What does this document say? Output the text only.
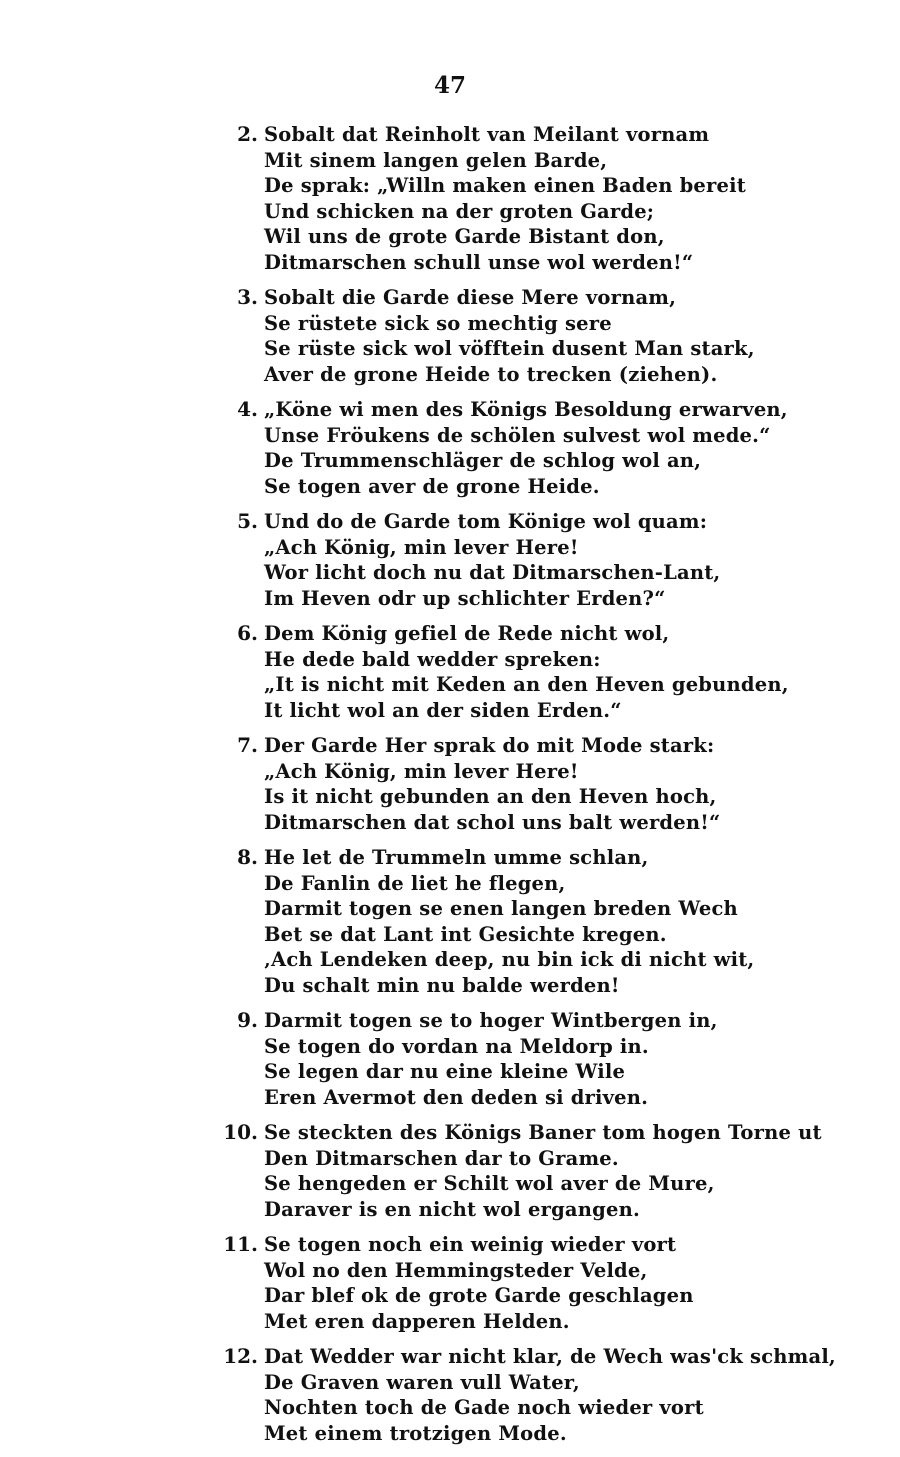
47
2. Sobalt dat Reinholt van Meilant vornam
Mit sinem langen gelen Barde,
De sprak: „Willn maken einen Baden bereit
Und schicken na der groten Garde;
Wil uns de grote Garde Bistant don,
Ditmarschen schull unse wol werden!“
3. Sobalt die Garde diese Mere vornam,
Se rüstete sick so mechtig sere
Se rüste sick wol vöfftein dusent Man stark,
Aver de grone Heide to trecken (ziehen).
4. „Köne wi men des Königs Besoldung erwarven,
Unse Fröukens de schölen sulvest wol mede.“
De Trummenschläger de schlog wol an,
Se togen aver de grone Heide.
5. Und do de Garde tom Könige wol quam:
„Ach König, min lever Here!
Wor licht doch nu dat Ditmarschen-Lant,
Im Heven odr up schlichter Erden?“
6. Dem König gefiel de Rede nicht wol,
He dede bald wedder spreken:
„It is nicht mit Keden an den Heven gebunden,
It licht wol an der siden Erden.“
7. Der Garde Her sprak do mit Mode stark:
„Ach König, min lever Here!
Is it nicht gebunden an den Heven hoch,
Ditmarschen dat schol uns balt werden!“
8. He let de Trummeln umme schlan,
De Fanlin de liet he flegen,
Darmit togen se enen langen breden Wech
Bet se dat Lant int Gesichte kregen.
‚Ach Lendeken deep, nu bin ick di nicht wit,
Du schalt min nu balde werden!
9. Darmit togen se to hoger Wintbergen in,
Se togen do vordan na Meldorp in.
Se legen dar nu eine kleine Wile
Eren Avermot den deden si driven.
10. Se steckten des Königs Baner tom hogen Torne ut
Den Ditmarschen dar to Grame.
Se hengeden er Schilt wol aver de Mure,
Daraver is en nicht wol ergangen.
11. Se togen noch ein weinig wieder vort
Wol no den Hemmingsteder Velde,
Dar blef ok de grote Garde geschlagen
Met eren dapperen Helden.
12. Dat Wedder war nicht klar, de Wech was'ck schmal,
De Graven waren vull Water,
Nochten toch de Gade noch wieder vort
Met einem trotzigen Mode.
